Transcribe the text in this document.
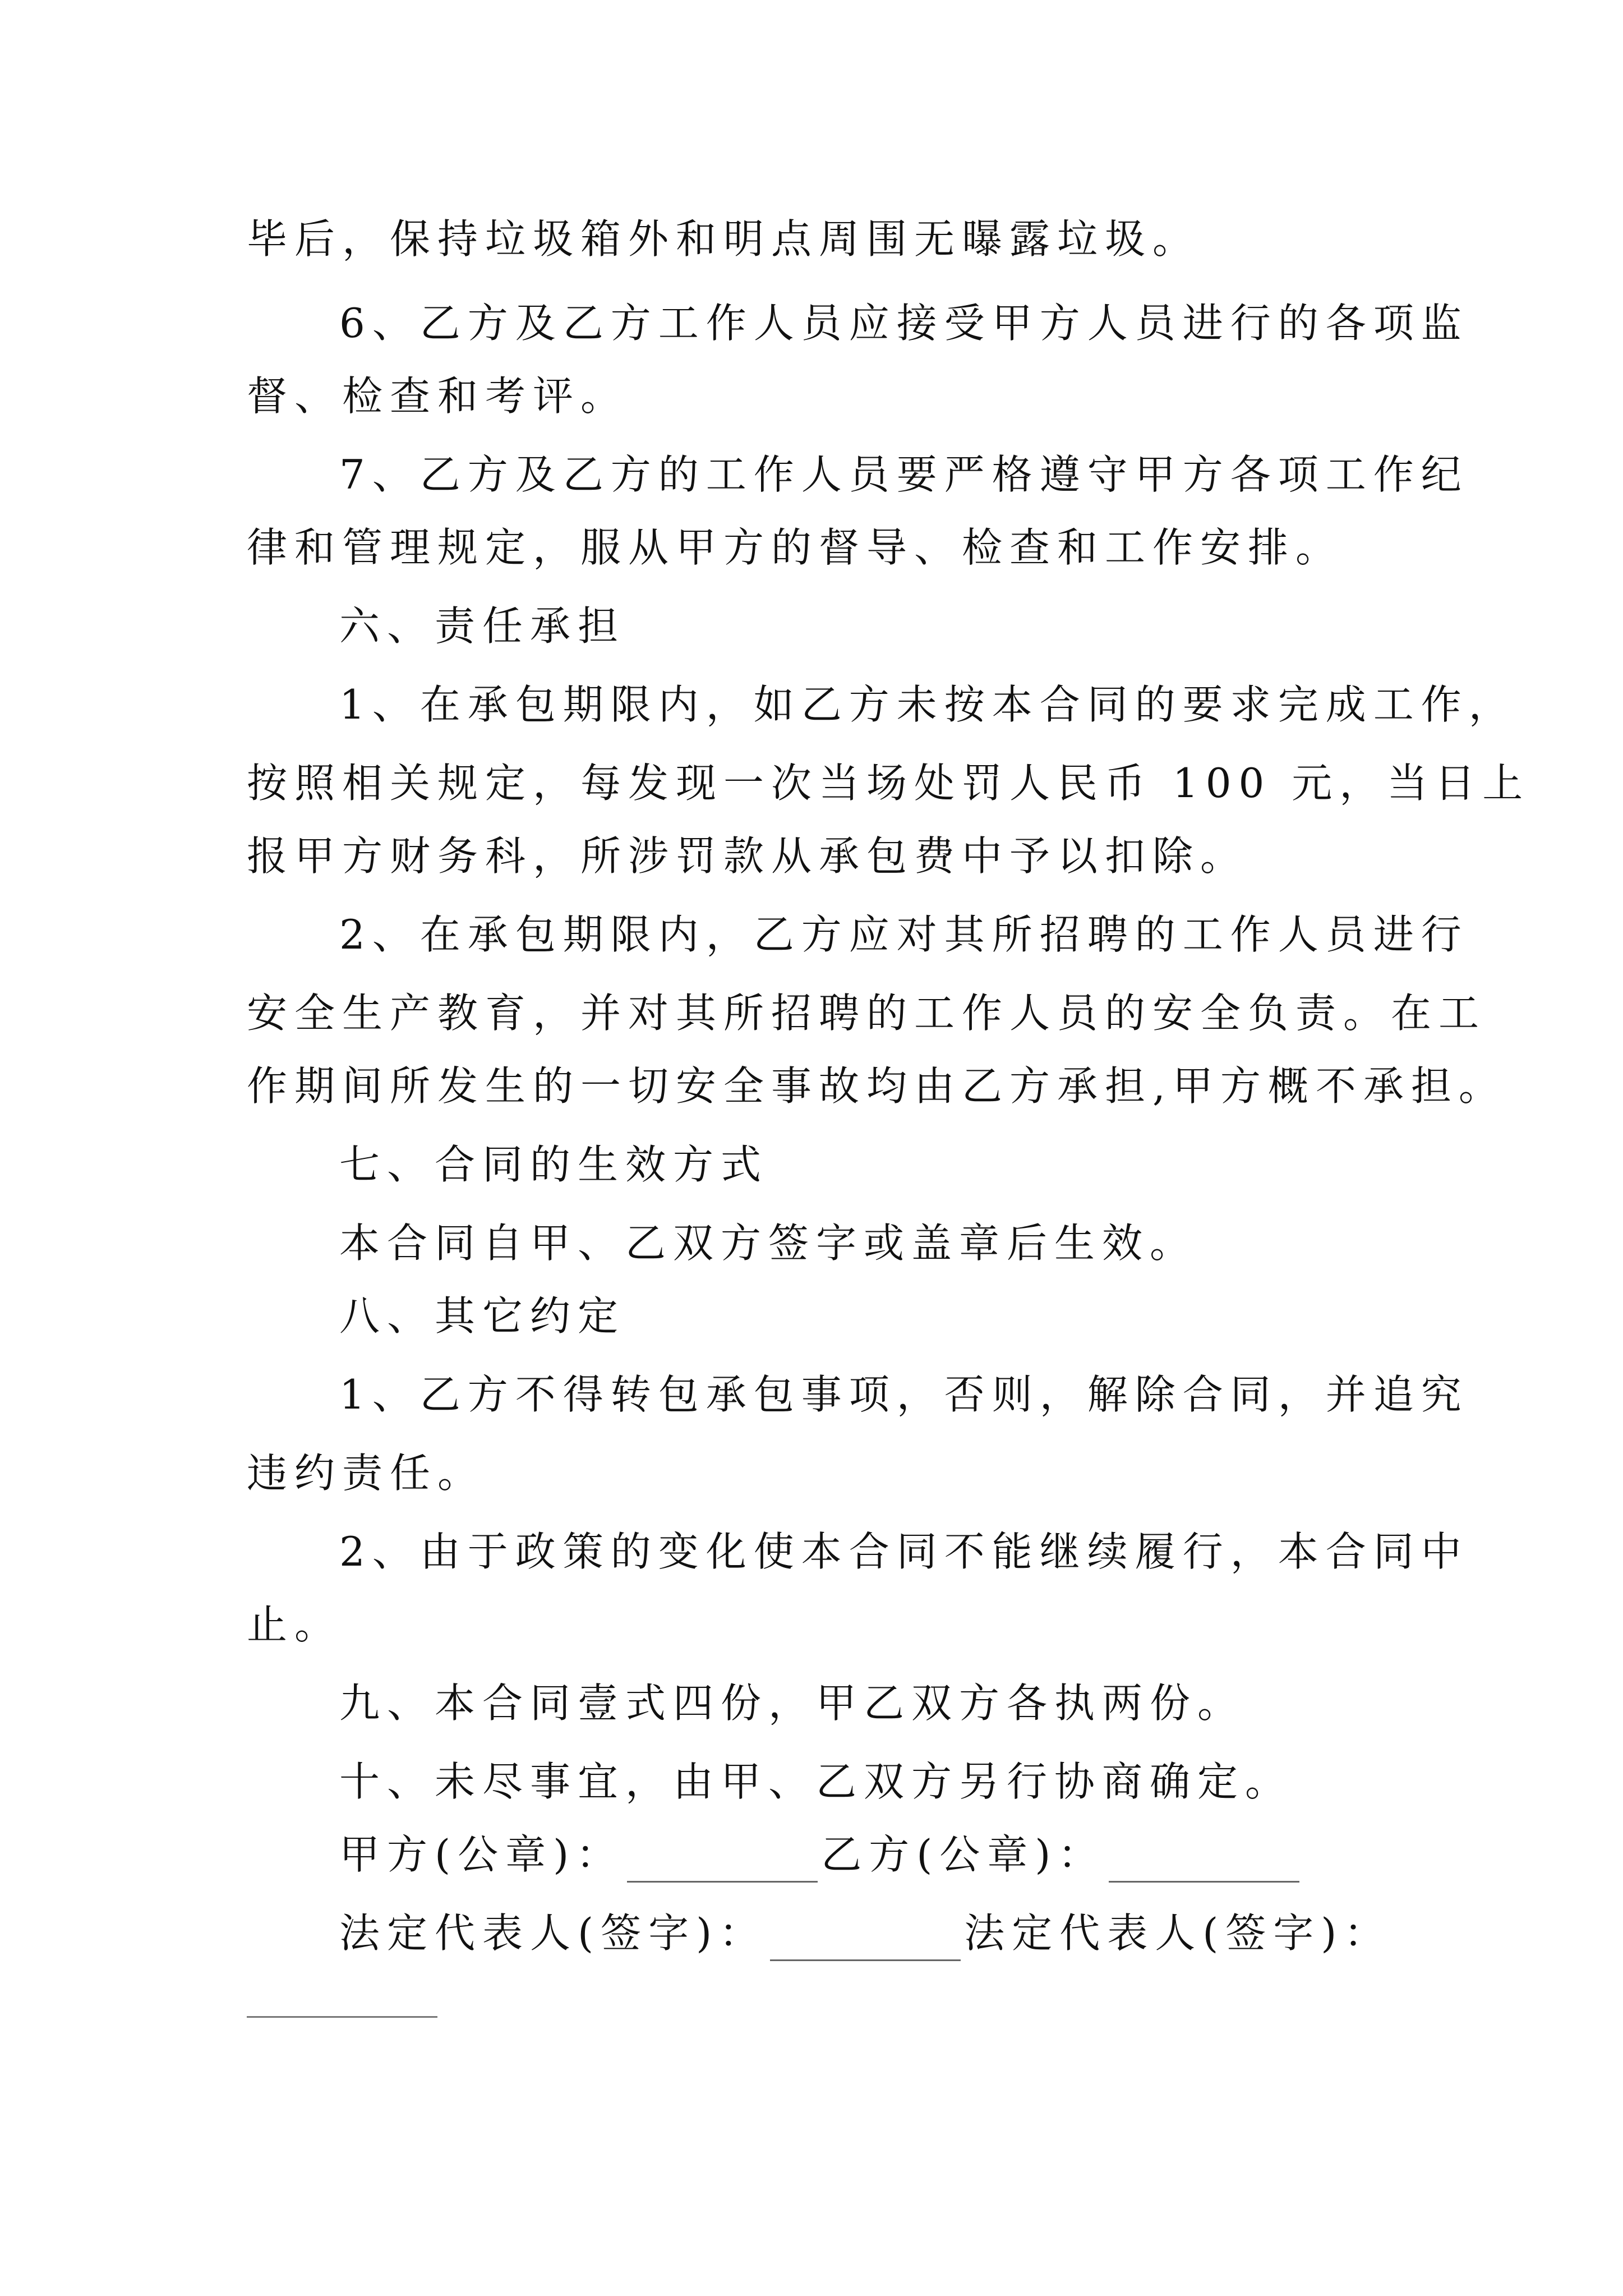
毕后，保持垃圾箱外和明点周围无曝露垃圾。
6、乙方及乙方工作人员应接受甲方人员进行的各项监
督、检查和考评。
7、乙方及乙方的工作人员要严格遵守甲方各项工作纪
律和管理规定，服从甲方的督导、检查和工作安排。
六、责任承担
1、在承包期限内，如乙方未按本合同的要求完成工作，
按照相关规定，每发现一次当场处罚人民币 100 元，当日上
报甲方财务科，所涉罚款从承包费中予以扣除。
2、在承包期限内，乙方应对其所招聘的工作人员进行
安全生产教育，并对其所招聘的工作人员的安全负责。在工
作期间所发生的一切安全事故均由乙方承担,甲方概不承担。
七、合同的生效方式
本合同自甲、乙双方签字或盖章后生效。
八、其它约定
1、乙方不得转包承包事项，否则，解除合同，并追究
违约责任。
2、由于政策的变化使本合同不能继续履行，本合同中
止。
九、本合同壹式四份，甲乙双方各执两份。
十、未尽事宜，由甲、乙双方另行协商确定。
甲方(公章)：	乙方(公章)：
法定代表人(签字)：	法定代表人(签字)：
